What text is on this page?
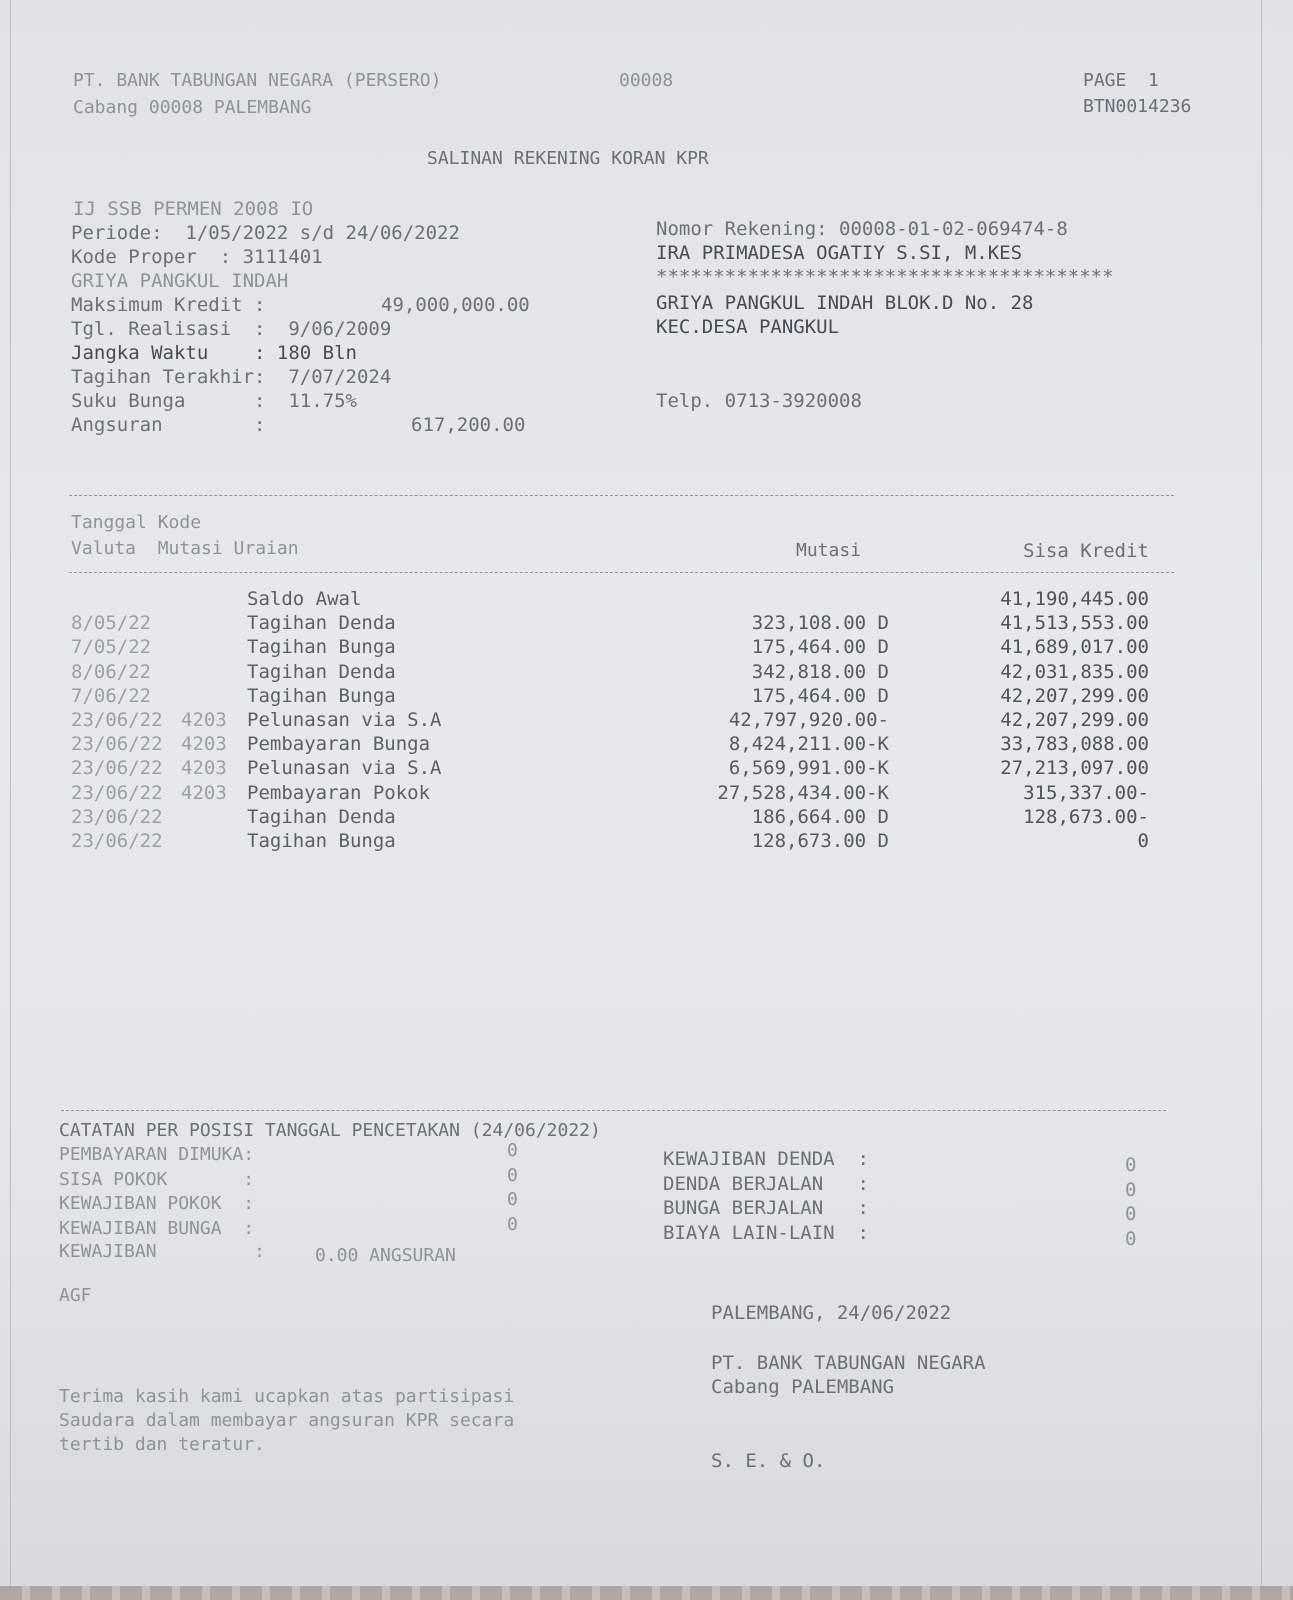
PT. BANK TABUNGAN NEGARA (PERSERO)
Cabang 00008 PALEMBANG
00008	PAGE  1
BTN0014236
SALINAN REKENING KORAN KPR
IJ SSB PERMEN 2008 IO
Periode:  1/05/2022 s/d 24/06/2022
Kode Proper  : 3111401
GRIYA PANGKUL INDAH
Maksimum Kredit :	49,000,000.00
Tgl. Realisasi  :  9/06/2009
Jangka Waktu    : 180 Bln
Tagihan Terakhir:  7/07/2024
Suku Bunga      :  11.75%
Angsuran        :	617,200.00
Nomor Rekening: 00008-01-02-069474-8
IRA PRIMADESA OGATIY S.SI, M.KES
****************************************
GRIYA PANGKUL INDAH BLOK.D No. 28
KEC.DESA PANGKUL
Telp. 0713-3920008
Tanggal Kode
Valuta  Mutasi Uraian	Mutasi	Sisa Kredit
Saldo Awal	41,190,445.00
8/05/22	Tagihan Denda	323,108.00 D	41,513,553.00
7/05/22	Tagihan Bunga	175,464.00 D	41,689,017.00
8/06/22	Tagihan Denda	342,818.00 D	42,031,835.00
7/06/22	Tagihan Bunga	175,464.00 D	42,207,299.00
23/06/22 4203 Pelunasan via S.A	42,797,920.00-	42,207,299.00
23/06/22 4203 Pembayaran Bunga	8,424,211.00-K	33,783,088.00
23/06/22 4203 Pelunasan via S.A	6,569,991.00-K	27,213,097.00
23/06/22 4203 Pembayaran Pokok	27,528,434.00-K	315,337.00-
23/06/22	Tagihan Denda	186,664.00 D	128,673.00-
23/06/22	Tagihan Bunga	128,673.00 D	0
CATATAN PER POSISI TANGGAL PENCETAKAN (24/06/2022)
PEMBAYARAN DIMUKA:	0
SISA POKOK       :	0
KEWAJIBAN POKOK  :	0
KEWAJIBAN BUNGA  :	0
KEWAJIBAN         :	0.00 ANGSURAN
KEWAJIBAN DENDA  :	0
DENDA BERJALAN   :	0
BUNGA BERJALAN   :	0
BIAYA LAIN-LAIN  :	0
AGF
PALEMBANG, 24/06/2022
PT. BANK TABUNGAN NEGARA
Cabang PALEMBANG
Terima kasih kami ucapkan atas partisipasi
Saudara dalam membayar angsuran KPR secara
tertib dan teratur.
S. E. & O.
